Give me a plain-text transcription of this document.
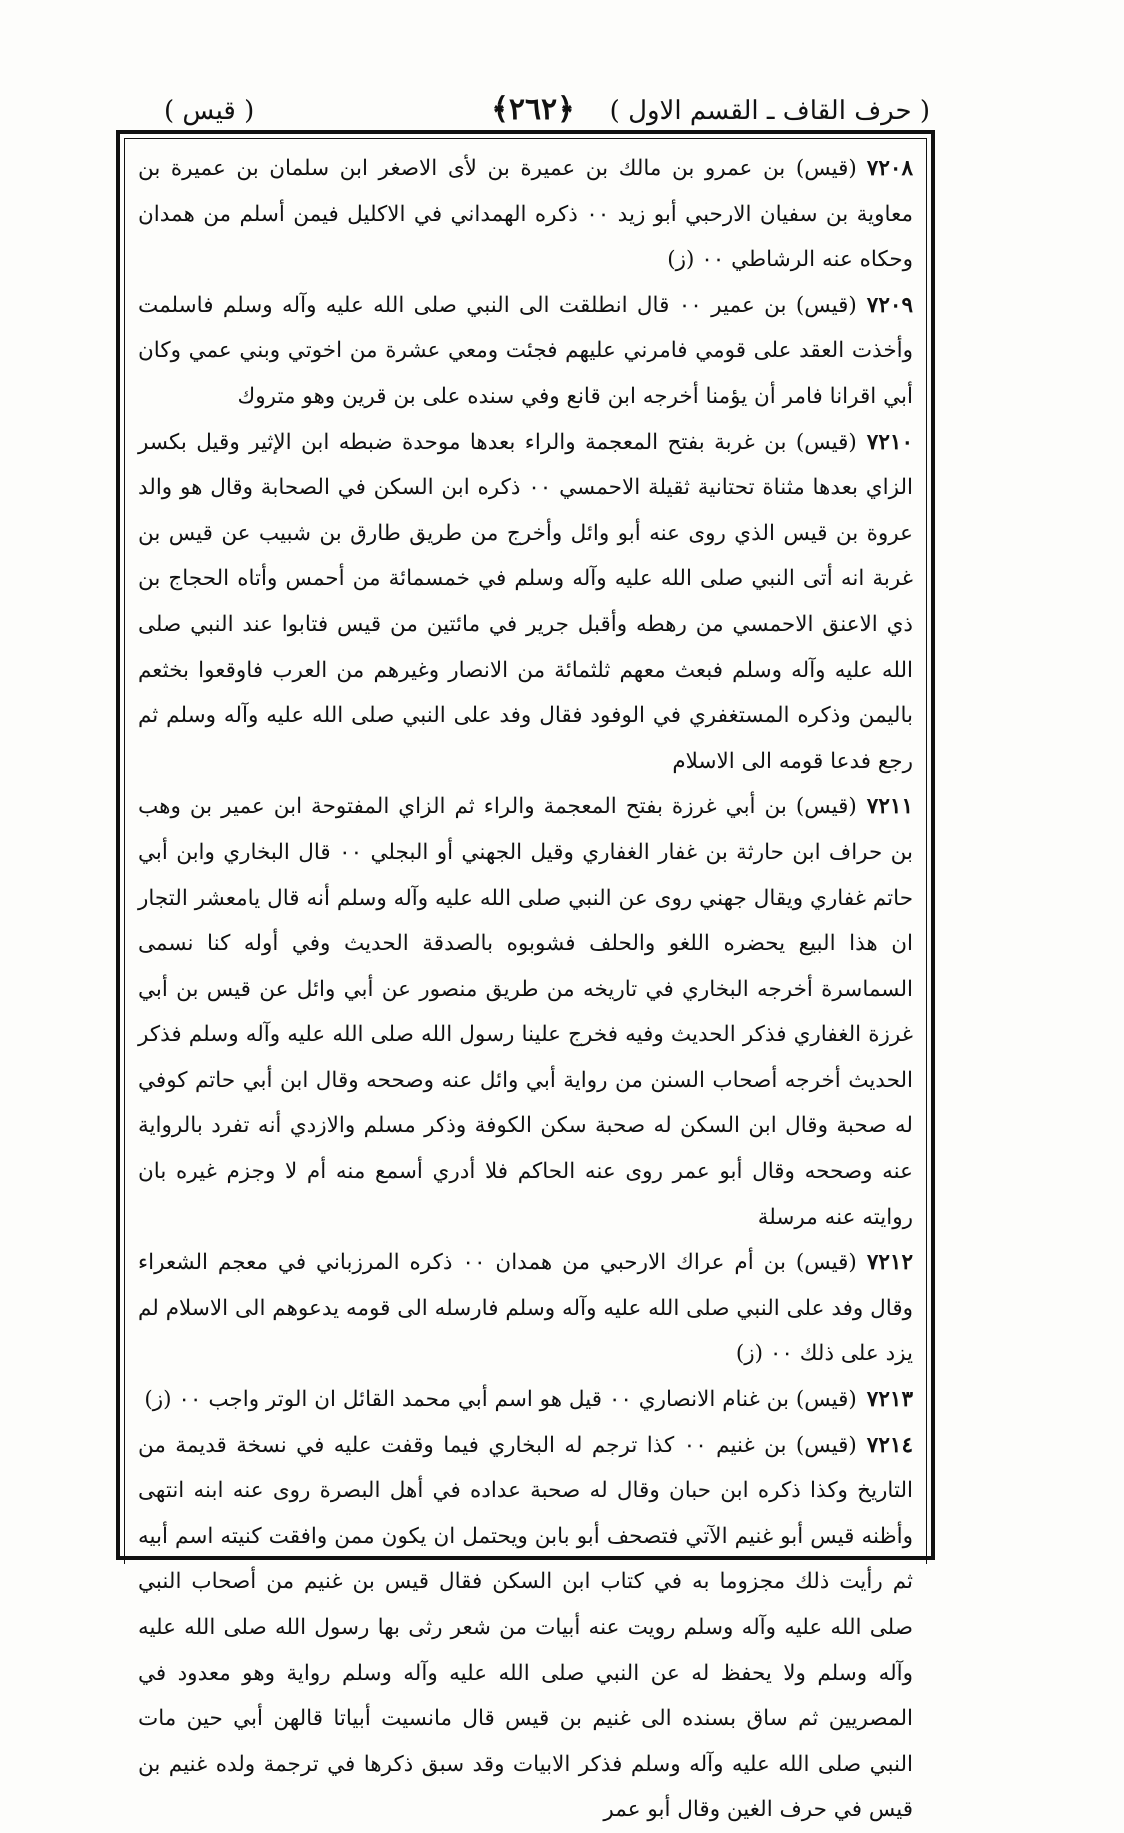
( قيس )	﴿٢٦٢﴾	( حرف القاف ـ القسم الاول )

٧٢٠٨(قيس) بن عمرو بن مالك بن عميرة بن لأى الاصغر ابن سلمان بن عميرة بن معاوية بن سفيان الارحبي أبو زيد ٠٠ ذكره الهمداني في الاكليل فيمن أسلم من همدان وحكاه عنه الرشاطي ٠٠ (ز)

٧٢٠٩(قيس) بن عمير ٠٠ قال انطلقت الى النبي صلى الله عليه وآله وسلم فاسلمت وأخذت العقد على قومي فامرني عليهم فجئت ومعي عشرة من اخوتي وبني عمي وكان أبي اقرانا فامر أن يؤمنا أخرجه ابن قانع وفي سنده على بن قرين وهو متروك

٧٢١٠(قيس) بن غربة بفتح المعجمة والراء بعدها موحدة ضبطه ابن الإثير وقيل بكسر الزاي بعدها مثناة تحتانية ثقيلة الاحمسي ٠٠ ذكره ابن السكن في الصحابة وقال هو والد عروة بن قيس الذي روى عنه أبو وائل وأخرج من طريق طارق بن شبيب عن قيس بن غربة انه أتى النبي صلى الله عليه وآله وسلم في خمسمائة من أحمس وأتاه الحجاج بن ذي الاعنق الاحمسي من رهطه وأقبل جرير في مائتين من قيس فتابوا عند النبي صلى الله عليه وآله وسلم فبعث معهم ثلثمائة من الانصار وغيرهم من العرب فاوقعوا بخثعم باليمن وذكره المستغفري في الوفود فقال وفد على النبي صلى الله عليه وآله وسلم ثم رجع فدعا قومه الى الاسلام

٧٢١١(قيس) بن أبي غرزة بفتح المعجمة والراء ثم الزاي المفتوحة ابن عمير بن وهب بن حراف ابن حارثة بن غفار الغفاري وقيل الجهني أو البجلي ٠٠ قال البخاري وابن أبي حاتم غفاري ويقال جهني روى عن النبي صلى الله عليه وآله وسلم أنه قال يامعشر التجار ان هذا البيع يحضره اللغو والحلف فشوبوه بالصدقة الحديث وفي أوله كنا نسمى السماسرة أخرجه البخاري في تاريخه من طريق منصور عن أبي وائل عن قيس بن أبي غرزة الغفاري فذكر الحديث وفيه فخرج علينا رسول الله صلى الله عليه وآله وسلم فذكر الحديث أخرجه أصحاب السنن من رواية أبي وائل عنه وصححه وقال ابن أبي حاتم كوفي له صحبة وقال ابن السكن له صحبة سكن الكوفة وذكر مسلم والازدي أنه تفرد بالرواية عنه وصححه وقال أبو عمر روى عنه الحاكم فلا أدري أسمع منه أم لا وجزم غيره بان روايته عنه مرسلة

٧٢١٢(قيس) بن أم عراك الارحبي من همدان ٠٠ ذكره المرزباني في معجم الشعراء وقال وفد على النبي صلى الله عليه وآله وسلم فارسله الى قومه يدعوهم الى الاسلام لم يزد على ذلك ٠٠ (ز)

٧٢١٣(قيس) بن غنام الانصاري ٠٠ قيل هو اسم أبي محمد القائل ان الوتر واجب ٠٠ (ز)

٧٢١٤(قيس) بن غنيم ٠٠ كذا ترجم له البخاري فيما وقفت عليه في نسخة قديمة من التاريخ وكذا ذكره ابن حبان وقال له صحبة عداده في أهل البصرة روى عنه ابنه انتهى وأظنه قيس أبو غنيم الآتي فتصحف أبو بابن ويحتمل ان يكون ممن وافقت كنيته اسم أبيه ثم رأيت ذلك مجزوما به في كتاب ابن السكن فقال قيس بن غنيم من أصحاب النبي صلى الله عليه وآله وسلم رويت عنه أبيات من شعر رثى بها رسول الله صلى الله عليه وآله وسلم ولا يحفظ له عن النبي صلى الله عليه وآله وسلم رواية وهو معدود في المصريين ثم ساق بسنده الى غنيم بن قيس قال مانسيت أبياتا قالهن أبي حين مات النبي صلى الله عليه وآله وسلم فذكر الابيات وقد سبق ذكرها في ترجمة ولده غنيم بن قيس في حرف الغين وقال أبو عمر
